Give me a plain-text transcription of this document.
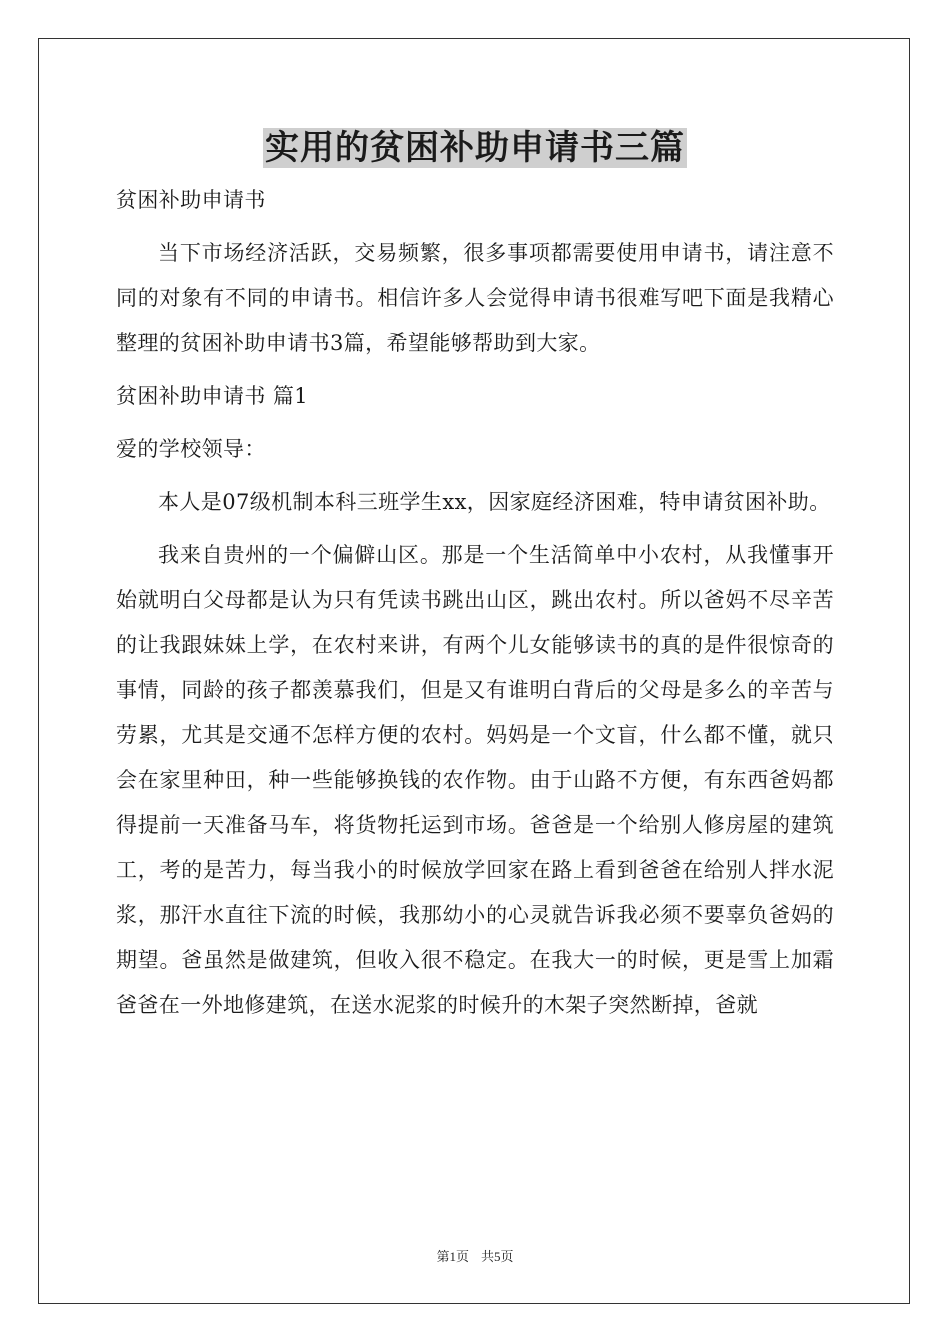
实用的贫困补助申请书三篇

贫困补助申请书

当下市场经济活跃，交易频繁，很多事项都需要使用申请书，请注意不同的对象有不同的申请书。相信许多人会觉得申请书很难写吧下面是我精心整理的贫困补助申请书3篇，希望能够帮助到大家。

贫困补助申请书 篇1

爱的学校领导：

本人是07级机制本科三班学生xx，因家庭经济困难，特申请贫困补助。

我来自贵州的一个偏僻山区。那是一个生活简单中小农村，从我懂事开始就明白父母都是认为只有凭读书跳出山区，跳出农村。所以爸妈不尽辛苦的让我跟妹妹上学，在农村来讲，有两个儿女能够读书的真的是件很惊奇的事情，同龄的孩子都羡慕我们，但是又有谁明白背后的父母是多么的辛苦与劳累，尤其是交通不怎样方便的农村。妈妈是一个文盲，什么都不懂，就只会在家里种田，种一些能够换钱的农作物。由于山路不方便，有东西爸妈都得提前一天准备马车，将货物托运到市场。爸爸是一个给别人修房屋的建筑工，考的是苦力，每当我小的时候放学回家在路上看到爸爸在给别人拌水泥浆，那汗水直往下流的时候，我那幼小的心灵就告诉我必须不要辜负爸妈的期望。爸虽然是做建筑，但收入很不稳定。在我大一的时候，更是雪上加霜爸爸在一外地修建筑，在送水泥浆的时候升的木架子突然断掉，爸就

第1页 共5页
